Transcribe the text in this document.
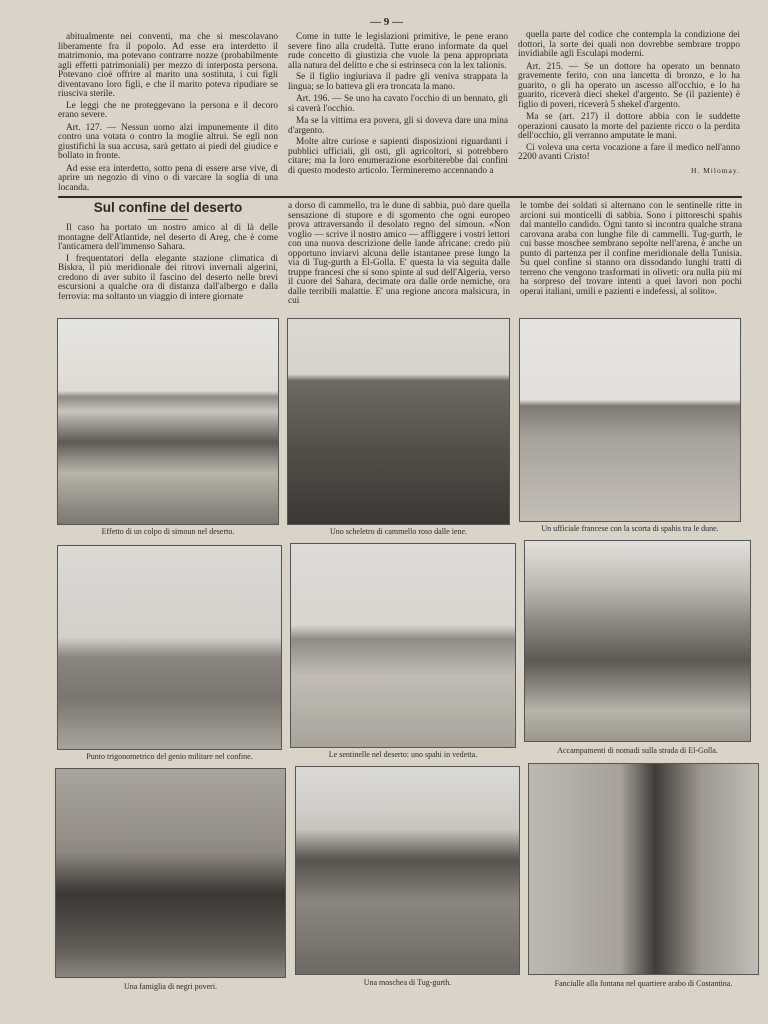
— 9 —

abitualmente nei conventi, ma che si mescolavano liberamente fra il popolo. Ad esse era interdetto il matrimonio, ma potevano contrarre nozze (probabilmente agli effetti patrimoniali) per mezzo di interposta persona. Potevano cioè offrire al marito una sostituta, i cui figli diventavano loro figli, e che il marito poteva ripudiare se riusciva sterile.

Le leggi che ne proteggevano la persona e il decoro erano severe.

Art. 127. — Nessun uomo alzi impunemente il dito contro una votata o contro la moglie altrui. Se egli non giustifichi la sua accusa, sarà gettato ai piedi del giudice e bollato in fronte.

Ad esse era interdetto, sotto pena di essere arse vive, di aprire un negozio di vino o di varcare la soglia di una locanda.

Come in tutte le legislazioni primitive, le pene erano severe fino alla crudeltà. Tutte erano informate da quel rude concetto di giustizia che vuole la pena appropriata alla natura del delitto e che si estrinseca con la lex talionis.

Se il figlio ingiuriava il padre gli veniva strappata la lingua; se lo batteva gli era troncata la mano.

Art. 196. — Se uno ha cavato l'occhio di un bennato, gli si caverà l'occhio.

Ma se la vittima era povera, gli si doveva dare una mina d'argento.

Molte altre curiose e sapienti disposizioni riguardanti i pubblici ufficiali, gli osti, gli agricoltori, si potrebbero citare; ma la loro enumerazione esorbiterebbe dai confini di questo modesto articolo. Termineremo accennando a

quella parte del codice che contempla la condizione dei dottori, la sorte dei quali non dovrebbe sembrare troppo invidiabile agli Esculapi moderni.

Art. 215. — Se un dottore ha operato un bennato gravemente ferito, con una lancetta di bronzo, e lo ha guarito, o gli ha operato un ascesso all'occhio, e lo ha guarito, riceverà dieci shekel d'argento. Se (il paziente) è figlio di poveri, riceverà 5 shekel d'argento.

Ma se (art. 217) il dottore abbia con le suddette operazioni causato la morte del paziente ricco o la perdita dell'occhio, gli verranno amputate le mani.

Ci voleva una certa vocazione a fare il medico nell'anno 2200 avanti Cristo!

H. Milomay.
Sul confine del deserto

Il caso ha portato un nostro amico al di là delle montagne dell'Atlantide, nel deserto di Areg, che è come l'anticamera dell'immenso Sahara.

I frequentatori della elegante stazione climatica di Biskra, il più meridionale dei ritrovi invernali algerini, credono di aver subito il fascino del deserto nelle brevi escursioni a qualche ora di distanza dall'albergo e dalla ferrovia: ma soltanto un viaggio di intere giornate

a dorso di cammello, tra le dune di sabbia, può dare quella sensazione di stupore e di sgomento che ogni europeo prova attraversando il desolato regno del simoun. «Non voglio — scrive il nostro amico — affliggere i vostri lettori con una nuova descrizione delle lande africane: credo più opportuno inviarvi alcuna delle istantanee prese lungo la via di Tug-gurth a El-Golla. E' questa la via seguita dalle truppe francesi che si sono spinte al sud dell'Algeria, verso il cuore del Sahara, decimate ora dalle orde nemiche, ora dalle terribili malattie. E' una regione ancora malsicura, in cui

le tombe dei soldati si alternano con le sentinelle ritte in arcioni sui monticelli di sabbia. Sono i pittoreschi spahis dal mantello candido. Ogni tanto si incontra qualche strana carovana araba con lunghe file di cammelli. Tug-gurth, le cui basse moschee sembrano sepolte nell'arena, è anche un punto di partenza per il confine meridionale della Tunisia. Su quel confine si stanno ora dissodando lunghi tratti di terreno che vengono trasformati in oliveti: ora nulla più mi ha sorpreso del trovare intenti a quei lavori non pochi operai italiani, umili e pazienti e indefessi, al solito».

Effetto di un colpo di simoun nel deserto.	Uno scheletro di cammello roso dalle iene.	Un ufficiale francese con la scorta di spahis tra le dune.
Punto trigonometrico del genio militare nel confine.	Le sentinelle nel deserto: uno spahi in vedetta.	Accampamenti di nomadi sulla strada di El-Golla.
Una famiglia di negri poveri.	Una moschea di Tug-gurth.	Fanciulle alla fontana nel quartiere arabo di Costantina.
